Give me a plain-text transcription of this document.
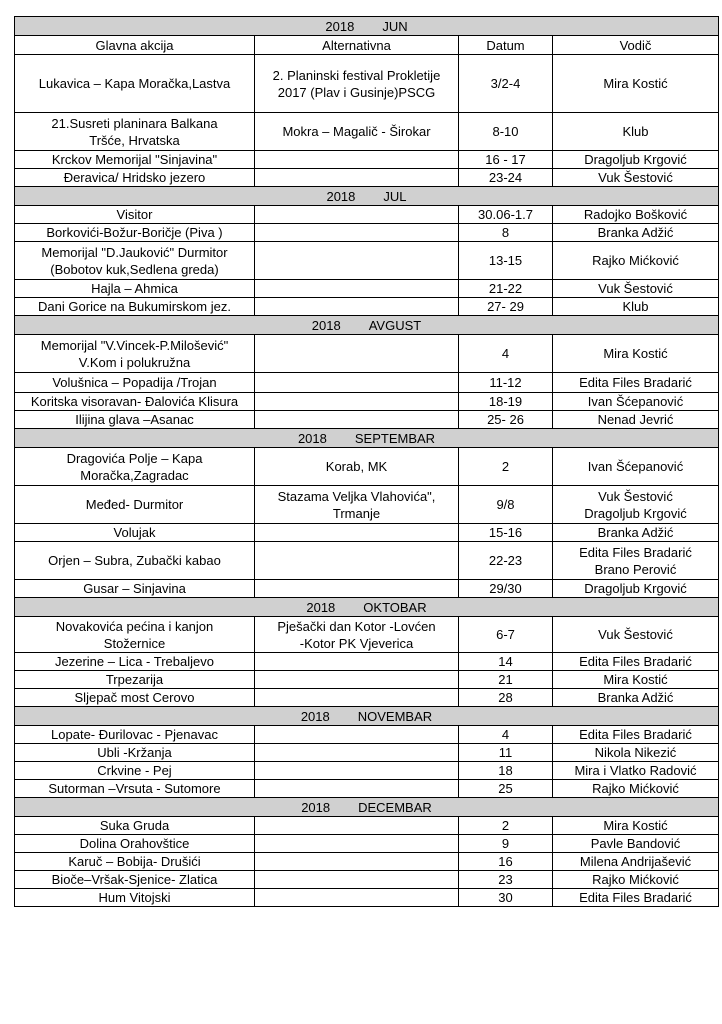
2018 JUN			
Glavna akcija	Alternativna	Datum	Vodič
Lukavica – Kapa Moračka,Lastva	2. Planinski festival Prokletije
2017 (Plav i Gusinje)PSCG	3/2-4	Mira Kostić
21.Susreti planinara Balkana
Tršće, Hrvatska	Mokra – Magalič - Širokar	8-10	Klub
Krckov Memorijal "Sinjavina"		16 - 17	Dragoljub Krgović
Đeravica/ Hridsko jezero		23-24	Vuk Šestović
2018 JUL			
Visitor		30.06-1.7	Radojko Bošković
Borkovići-Božur-Boričje (Piva )		8	Branka Adžić
Memorijal "D.Jauković" Durmitor
(Bobotov kuk,Sedlena greda)		13-15	Rajko Mićković
Hajla – Ahmica		21-22	Vuk Šestović
Dani Gorice na Bukumirskom jez.		27- 29	Klub
2018 AVGUST			
Memorijal "V.Vincek-P.Milošević"
V.Kom i polukružna		4	Mira Kostić
Volušnica – Popadija /Trojan		11-12	Edita Files Bradarić
Koritska visoravan- Đalovića Klisura		18-19	Ivan Šćepanović
Ilijina glava –Asanac		25- 26	Nenad Jevrić
2018 SEPTEMBAR			
Dragovića Polje – Kapa
Moračka,Zagradac	Korab, MK	2	Ivan Šćepanović
Međed- Durmitor	Stazama Veljka Vlahovića",
Trmanje	9/8	Vuk Šestović
Dragoljub Krgović
Volujak		15-16	Branka Adžić
Orjen – Subra, Zubački kabao		22-23	Edita Files Bradarić
Brano Perović
Gusar – Sinjavina		29/30	Dragoljub Krgović
2018 OKTOBAR			
Novakovića pećina i kanjon
Stožernice	Pješački dan Kotor -Lovćen
-Kotor PK Vjeverica	6-7	Vuk Šestović
Jezerine – Lica - Trebaljevo		14	Edita Files Bradarić
Trpezarija		21	Mira Kostić
Sljepač most Cerovo		28	Branka Adžić
2018 NOVEMBAR			
Lopate- Đurilovac - Pjenavac		4	Edita Files Bradarić
Ubli -Kržanja		11	Nikola Nikezić
Crkvine - Pej		18	Mira i Vlatko Radović
Sutorman –Vrsuta - Sutomore		25	Rajko Mićković
2018 DECEMBAR			
Suka Gruda		2	Mira Kostić
Dolina Orahovštice		9	Pavle Bandović
Karuč – Bobija- Drušići		16	Milena Andrijašević
Bioče–Vršak-Sjenice- Zlatica		23	Rajko Mićković
Hum Vitojski		30	Edita Files Bradarić
